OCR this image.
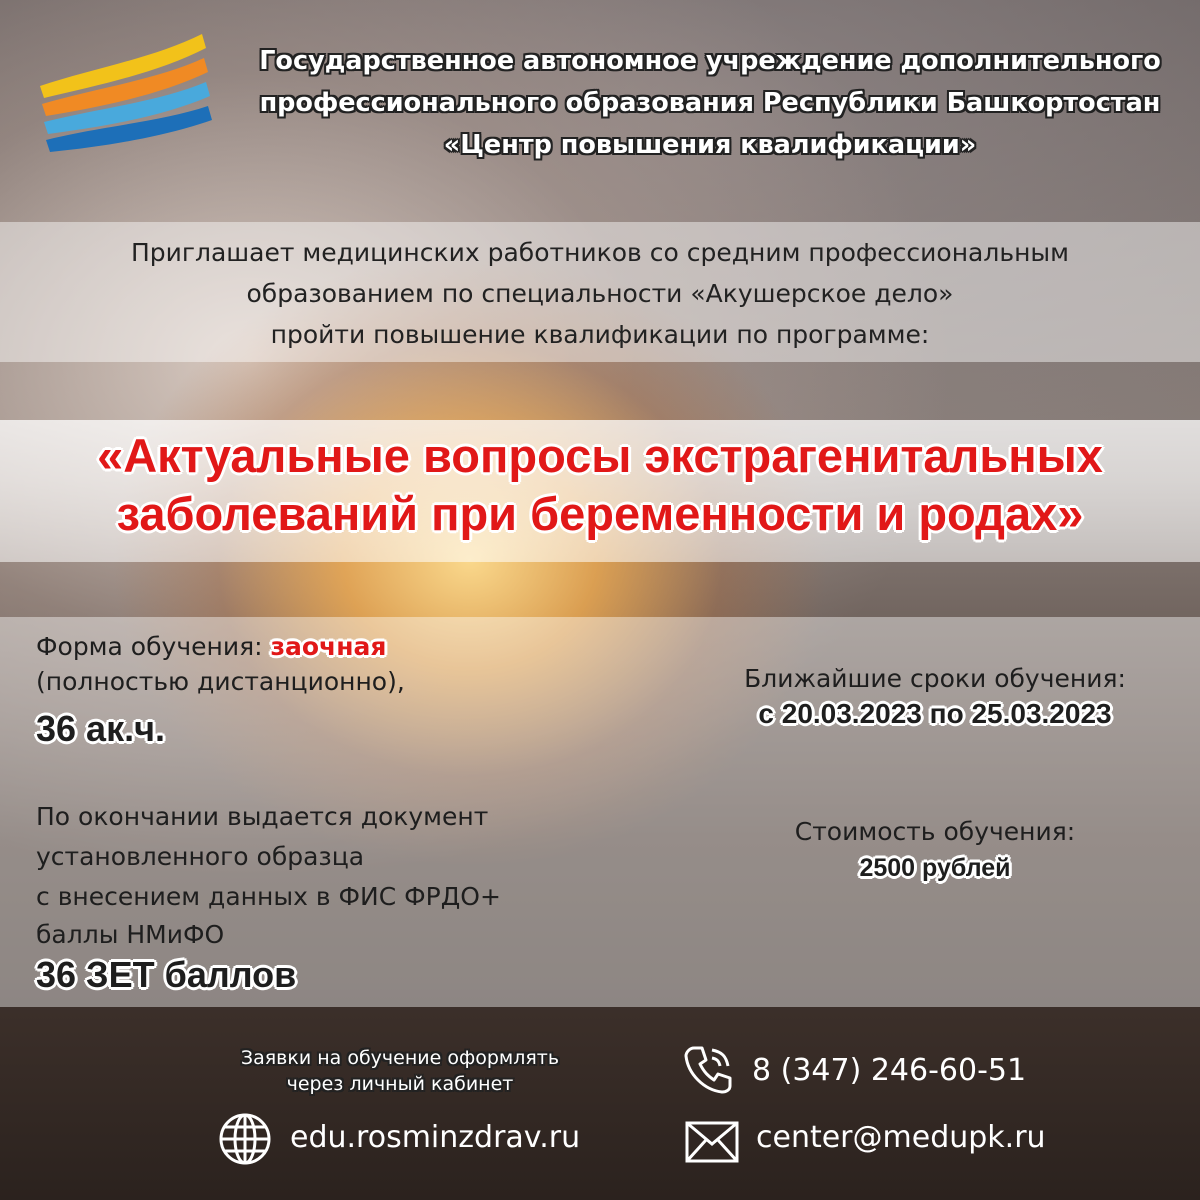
Государственное автономное учреждение дополнительного
профессионального образования Республики Башкортостан
«Центр повышения квалификации»
Приглашает медицинских работников со средним профессиональным
образованием по специальности «Акушерское дело»
пройти повышение квалификации по программе:
«Актуальные вопросы экстрагенитальных
заболеваний при беременности и родах»
Форма обучения: заочная
(полностью дистанционно),
36 ак.ч.
По окончании выдается документ
установленного образца
с внесением данных в ФИС ФРДО+
баллы НМиФО
36 ЗЕТ баллов
Ближайшие сроки обучения:
с 20.03.2023 по 25.03.2023
Стоимость обучения:
2500 рублей
Заявки на обучение оформлять
через личный кабинет
edu.rosminzdrav.ru
8 (347) 246-60-51
center@medupk.ru
